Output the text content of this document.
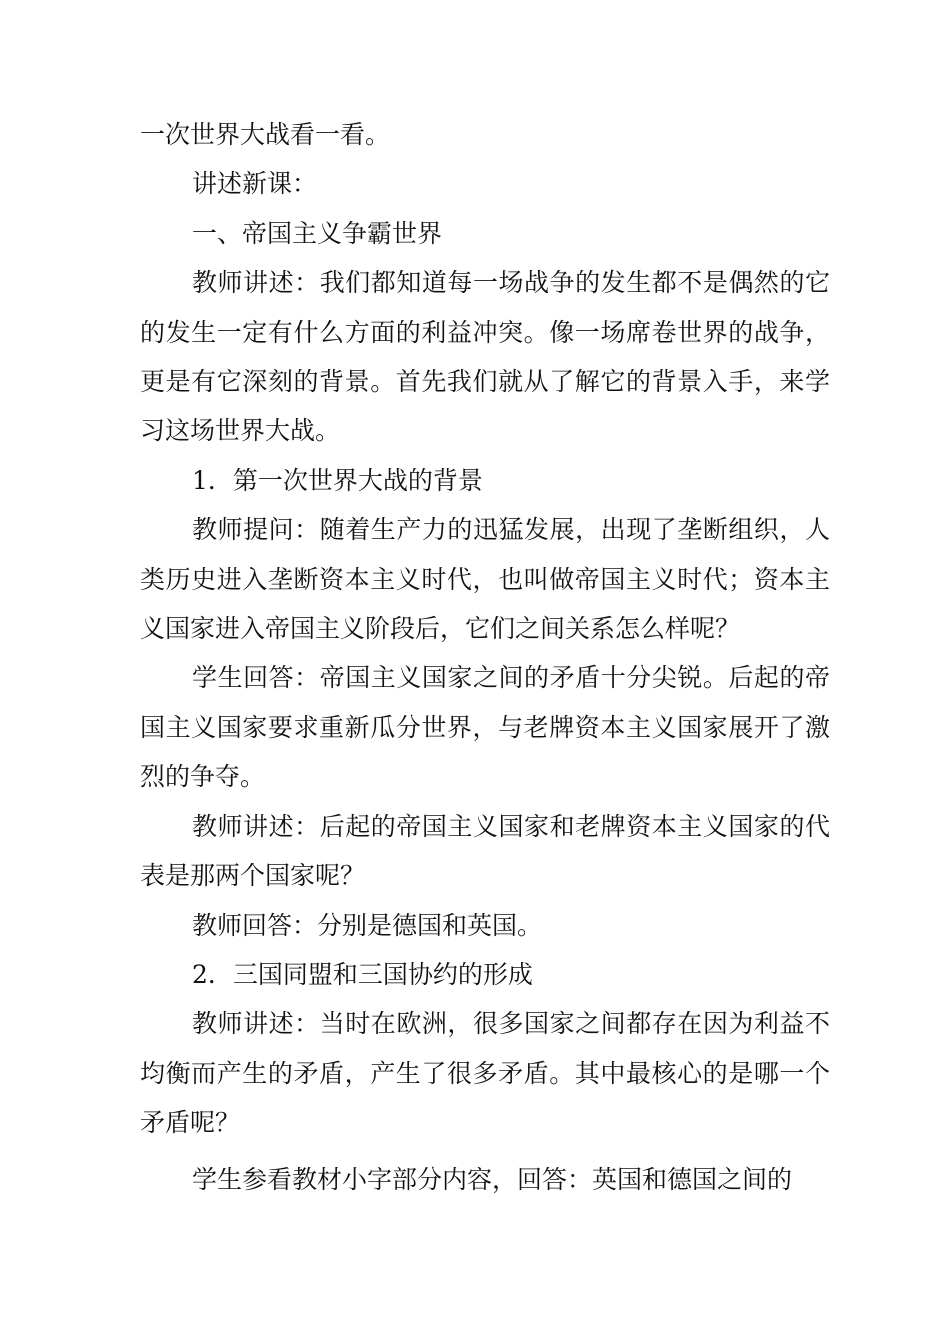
一次世界大战看一看。

讲述新课：

一、帝国主义争霸世界

教师讲述：我们都知道每一场战争的发生都不是偶然的它的发生一定有什么方面的利益冲突。像一场席卷世界的战争，更是有它深刻的背景。首先我们就从了解它的背景入手，来学习这场世界大战。

1．第一次世界大战的背景

教师提问：随着生产力的迅猛发展，出现了垄断组织，人类历史进入垄断资本主义时代，也叫做帝国主义时代；资本主义国家进入帝国主义阶段后，它们之间关系怎么样呢？

学生回答：帝国主义国家之间的矛盾十分尖锐。后起的帝国主义国家要求重新瓜分世界，与老牌资本主义国家展开了激烈的争夺。

教师讲述：后起的帝国主义国家和老牌资本主义国家的代表是那两个国家呢？

教师回答：分别是德国和英国。

2．三国同盟和三国协约的形成

教师讲述：当时在欧洲，很多国家之间都存在因为利益不均衡而产生的矛盾，产生了很多矛盾。其中最核心的是哪一个矛盾呢？

学生参看教材小字部分内容，回答：英国和德国之间的
